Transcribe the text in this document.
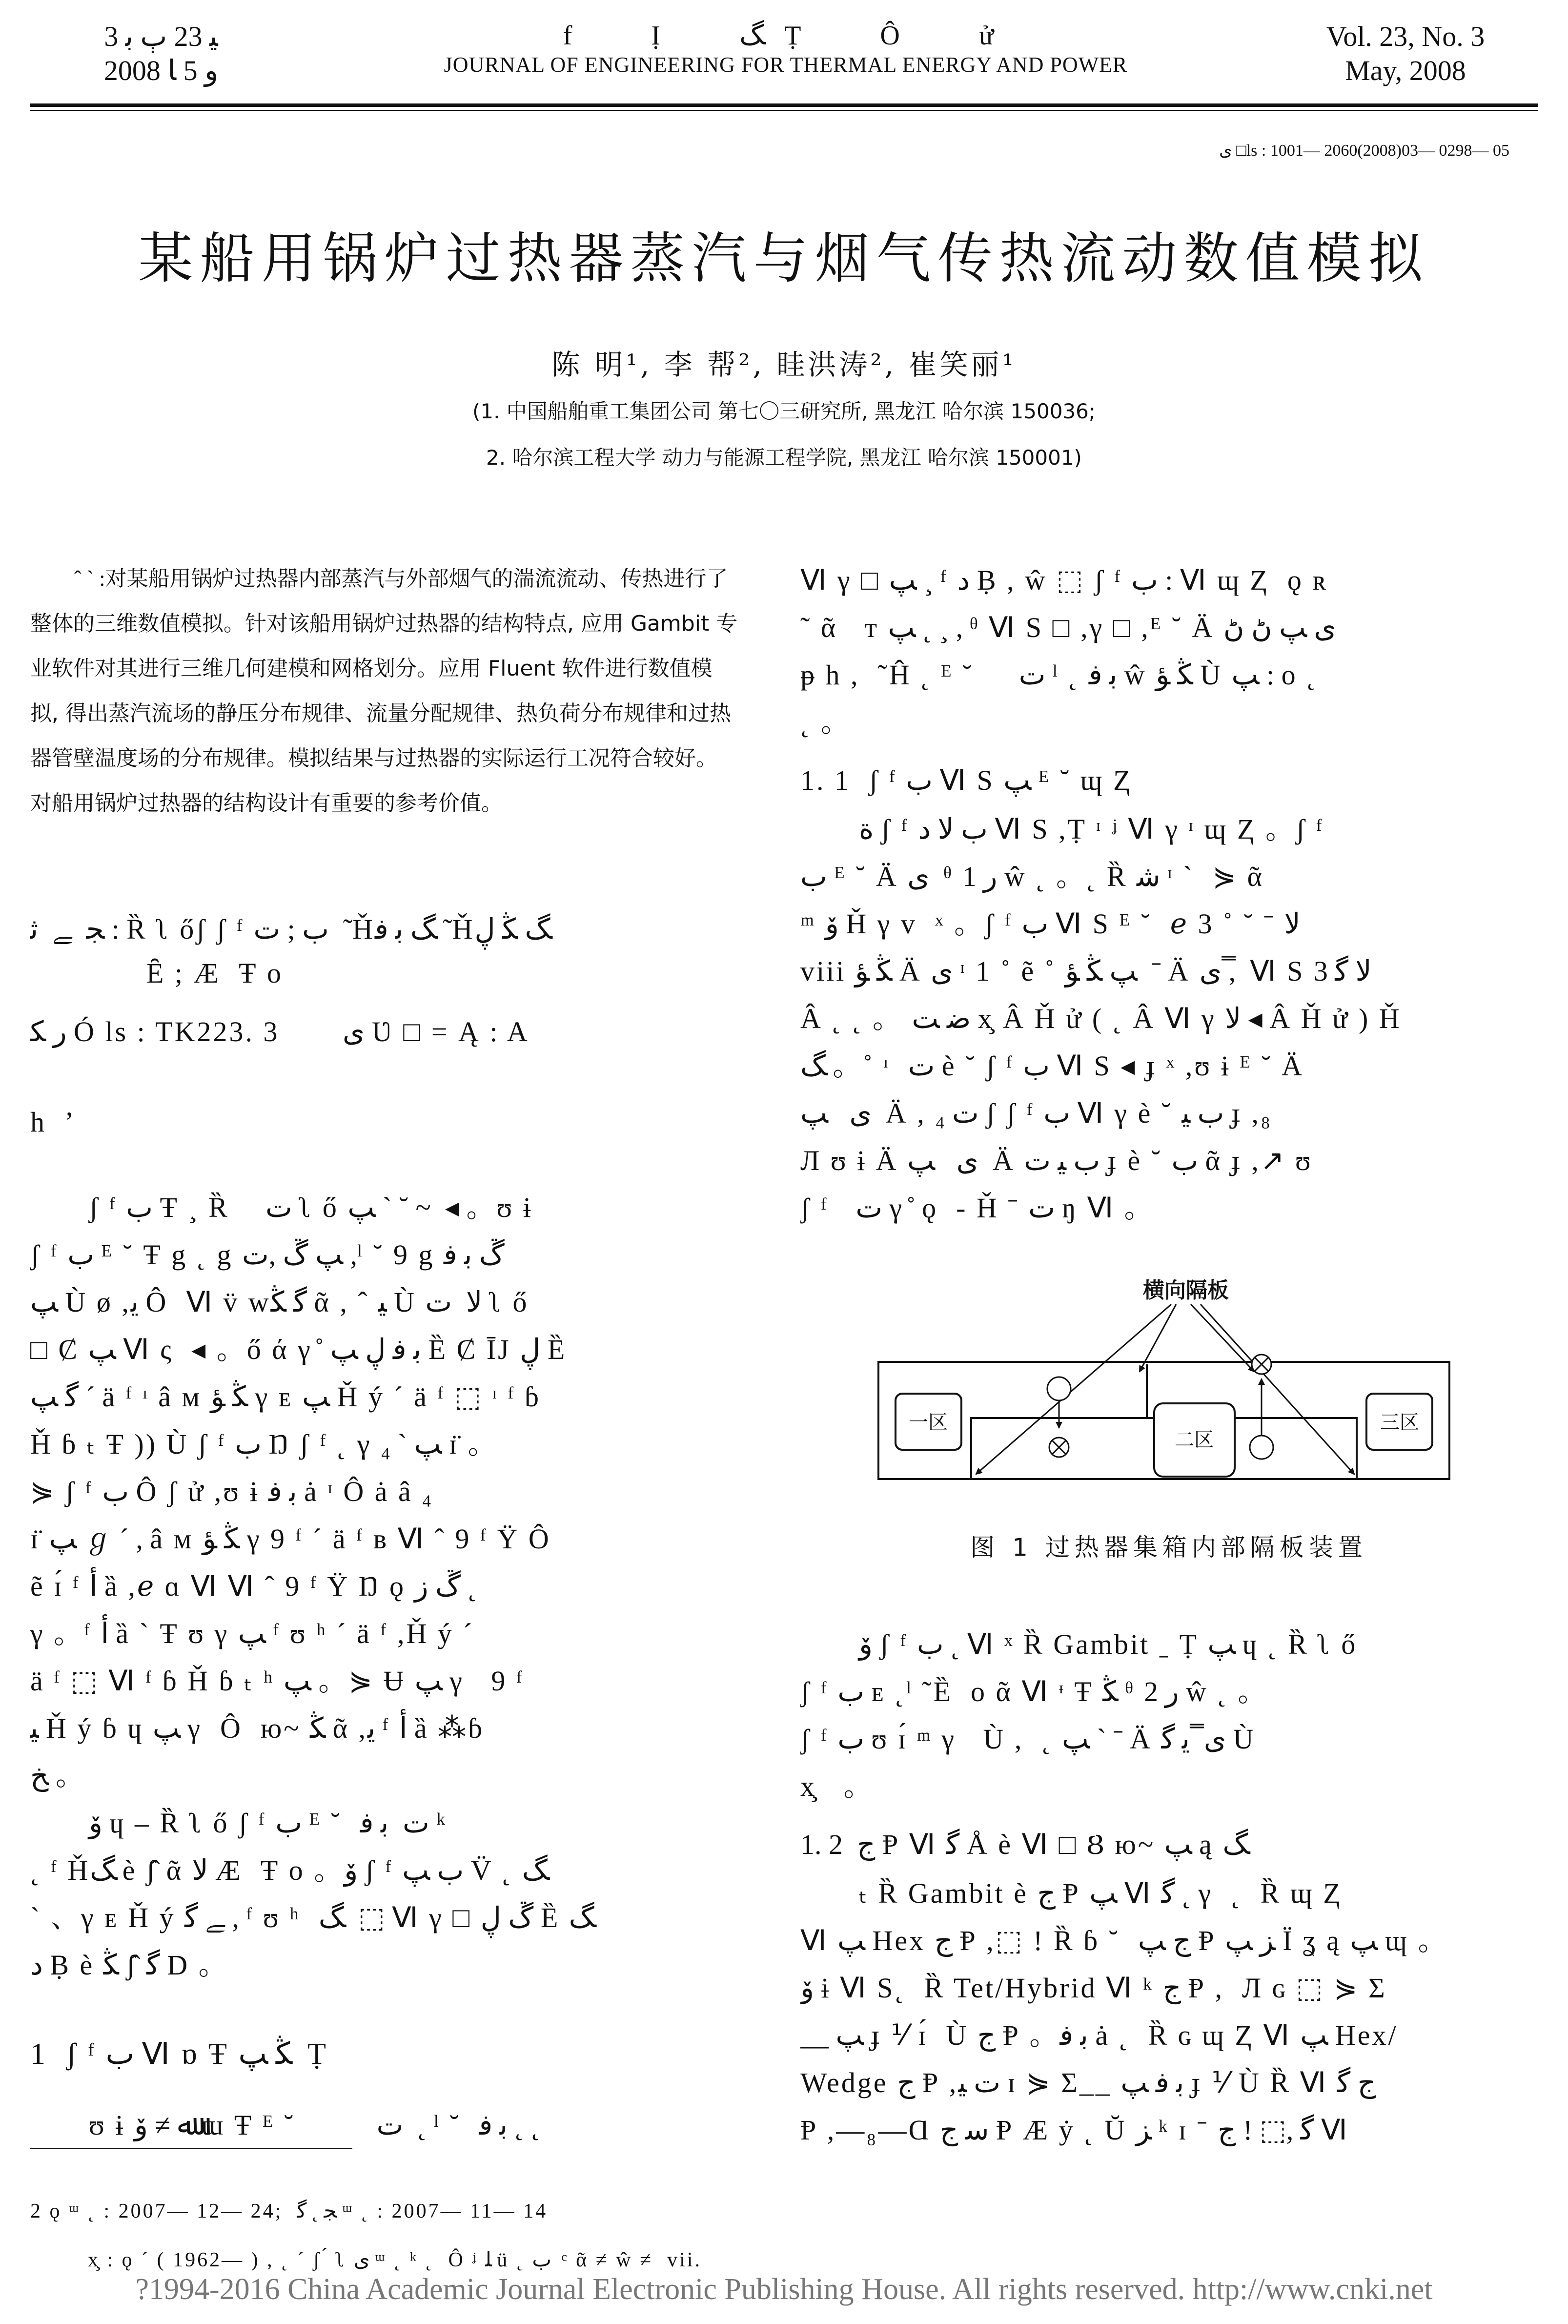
ﯿ 23 ﭒ ﺑ 3
2008 ﻭ 5 ﺎ
f   Ị   ﮓ   Ṭ   Ô   ử
JOURNAL OF ENGINEERING FOR THERMAL ENERGY AND POWER
Vol. 23, No. 3
May, 2008
ﯼ □ls : 1001— 2060(2008)03— 0298— 05
某船用锅炉过热器蒸汽与烟气传热流动数值模拟
陈 明¹, 李 帮², 眭洪涛², 崔笑丽¹
(1. 中国船舶重工集团公司 第七〇三研究所, 黑龙江 哈尔滨 150036;
2. 哈尔滨工程大学 动力与能源工程学院, 黑龙江 哈尔滨 150001)

ˆ ˋ :对某船用锅炉过热器内部蒸汽与外部烟气的湍流流动、传热进行了整体的三维数值模拟。针对该船用锅炉过热器的结构特点, 应用 Gambit 专业软件对其进行三维几何建模和网格划分。应用 Fluent 软件进行数值模拟, 得出蒸汽流场的静压分布规律、流量分配规律、热负荷分布规律和过热器管壁温度场的分布规律。模拟结果与过热器的实际运行工况符合较好。对船用锅炉过热器的结构设计有重要的参考价值。

ﺠ  ﮯ  ﺛ : Ȑ ʅ őʃ ʃ ᶠ ﺏ ; ﺕ  ˜Ȟﮓ ﺑ ﻓ ˜Ȟﮓ ﯖ ڸ
Ȇ ; Æ  Ŧ o
ﺭ ﮑ Ó ls : TK223. 3       ﯼ Ʋ □ = Ą : A
h  ’
ʃ ᶠ ﺏ Ŧ ¸ Ȑ    ﺕ ʅ ő ﭗ ˋ ˘ ~  ◂ 。ʊ ɨ
ʃ ᶠ ﺏ ᴱ ˘ Ŧ g ˛ g ﭗ ڱ ,ﺕ ,ˡ ˘ 9 g ڱ ﺑ ﻓ
ﭗ Ù ø ,ﯾ Ô  Ⅵ v̈ wﮔ ﯖ ᾶ , ˆ ﯿ Ù ﻻ  ﺕ ʅ ő
□ Ȼ ﭗ Ⅵ ς  ◂ 。ő ά γ ̊ ﺑ ﻓ ڸ ﭗ Ȅ Ȼ ĪJ ڸ Ȅ
ﮔ ﭗ ˊ ä ᶠ ᶦ â ᴍ ﯖ ﺆ γ ᴇ ﭗ Ȟ ý ˊ ä ᶠ ⬚ ᶦ ᶠ ɓ
Ȟ ɓ ₜ Ŧ )) Ù ʃ ᶠ ﺏ Ŋ ʃ ᶠ ˛ γ ﭗ ˋ ₄ ɪ̈ 。
⋟ ʃ ᶠ ﺏ Ô ʃ ử ,ʊ ɨ ﺑ ﻓ ȧ ᶦ Ô ȧ â ₄
ɪ̈ ﭗ ℊ ˊ , â ᴍ ﯖ ﺆ γ 9 ᶠ ˊ ä ᶠ ʙ Ⅵ ˆ 9 ᶠ Ÿ Ô
ẽ ɪ́ ᶠ ﺃ ȁ ,ℯ ɑ Ⅵ Ⅵ ˆ 9 ᶠ Ÿ Ŋ ǫ ڱ ﺯ ˛
γ 。ᶠ ﺃ ȁ ˋ Ŧ ʊ γ ﭗ ᶠ ʊ ʰ ˊ ä ᶠ ,Ȟ ý ˊ
ä ᶠ ⬚ Ⅵ ᶠ ɓ Ȟ ɓ ₜ ʰ ﭗ 。⋟ Ʉ ﭗ γ   9 ᶠ
ﯿ Ȟ ý ɓ ɥ ﭗ γ  Ô  ю~ ﯖ ᾶ ,ﯾ ᶠ ﺃ ȁ ⁂ɓ
ﺦ 。
ﯙ ɥ – Ȑ ʅ ő ʃ ᶠ ﺏ ᴱ ˘  ﺕ  ﺑ ﻓ ᵏ
˛ ᶠ Ȟﮓ è ʃ̂ ᾶ ﻻ Æ  Ŧ o 。ﯙ ʃ ᶠ ﺏ ﭗ V̈ ˛ ﮓ
ˋ 、γ ᴇ Ȟ ý ﮯ ﮔ , ᶠ ʊ ʰ  ﮓ  ⬚ Ⅵ γ □ ڱ ڸ Ȅ ﮓ
ﺩ Ḅ è ﯖ ʃ̂ ﮔ D 。
1  ʃ ᶠ ﺏ Ⅵ ɒ Ŧ ﯖ ﭗ  Ṭ
ʊ ɨ ﷲ ≠ ﯙ ɯ Ŧ ᴱ ˘         ﺕ  ˛ ˡ ˘  ﺑ ﻓ ˛ ˛
Ⅵ γ □ ﭗ ¸ ᶠ ﺩ Ḅ , ŵ ⬚ ʃ ᶠ ﺏ : Ⅵ ɰ Ⱬ  ǫ ʀ
˜ ᾶ   ᴛ ﭗ ˛ ¸ , ᶿ Ⅵ S □ ,γ □ ,ᴱ ˘ Ä ﯼ ﭗ ﮠ ﮠ
ᵽ h ,  ˜Ĥ ˛ ᴱ ˘     ﺕ ˡ ˛ ﺑ ﻓ ŵ ﯖ ﺆ Ù ﭗ : o ˛
˛ 。
1. 1  ʃ ᶠ ﺏ Ⅵ S ﭗ ᴱ ˘ ɰ Ⱬ
ﺓ ʃ ᶠ ﺏ ﻻ ﺩ Ⅵ S ,Ṭ ᶦ ᶨ Ⅵ γ ᶦ ɰ Ⱬ 。ʃ ᶠ
ﺏ ᴱ ˘ Ä ﯼ  ᶿ ﺭ 1 ŵ ˛ 。˛ Ȑ ﺷ ᶦ ˋ  ⋟ ᾶ
ᵐ ﯙ Ȟ γ ᴠ  ˣ 。ʃ ᶠ ﺏ Ⅵ S ᴱ ˘  ℯ 3 ˚ ˘ ˉ ﻻ
viii ﯖ ﺆ Ä ﯼ ᶦ 1 ˚ ẽ ˚ ﭗ ﯖ ﺆ  ˉ Ä ﯼ ,̿  Ⅵ S ﻻ ﮔ 3
Â ˛ ˛ 。 ﺿ ﺖ x̧ Â Ȟ ử ( ˛ Â Ⅵ γ ﻻ ◂ Â Ȟ ử ) Ȟ
ﮓ 。˚ ᶦ  ﺕ è ˘ ʃ ᶠ ﺏ Ⅵ S ◂ ɟ ˣ ,ʊ ɨ ᴱ ˘ Ä
ﯼ   ﭗ  Ä , ﺕ ₄ ʃ ʃ ᶠ ﺏ Ⅵ γ è ˘ ﺏ ﯿ ɟ ,₈
Л ʊ ɨ Ä ﯼ   ﭗ  Ä ﺏ ﯿ ﺕ ɟ è ˘ ﺏ ᾶ ɟ ,↗ ʊ
ʃ ᶠ   ﺕ γ ̊ ǫ  - Ȟ ˉ ﺕ ŋ Ⅵ 。
横向隔板
一区	三区
二区
图 1 过热器集箱内部隔板装置
ﯙ ʃ ᶠ ﺏ ˛ Ⅵ ˣ Ȑ Gambit ˍ Ṭ ﭗ ɥ ˛ Ȑ ʅ ő
ʃ ᶠ ﺏ ᴇ ˛ˡ ˜Ȅ  o ᾶ Ⅵ ᶧ Ŧ ﯖ ᶿ ﺭ 2 ŵ ˛ 。
ʃ ᶠ ﺏ ʊ ɪ́ ᵐ γ   Ù ,  ˛ ﭗ ˋ ˉ Ä ﯼ ̿ ﯾ ﮔ Ù
x̧   。
1. 2  ﺝ Ᵽ Ⅵ ﮔ Å è Ⅵ □ Ȣ ю~ ﭗ ą ﮓ
ₜ Ȑ Gambit è ﺝ Ᵽ ﭗ Ⅵ ﮔ ˛ γ  ˛  Ȑ ɰ Ⱬ
Ⅵ ﭗ Hex ﺝ Ᵽ ,⬚ ! Ȑ ɓ ˘  ﺝ ﭗ Ᵽ ﺰ ﭗ Ï ʓ ą ﭗ ɰ 。
ﯙ ɨ Ⅵ S˛  Ȑ Tet/Hybrid Ⅵ ᵏ ﺝ Ᵽ ,  Л ɢ ⬚ ⋟ Σ
__ ﭗ ɟ ⅟ ɪ́  Ù ﺝ Ᵽ 。ﺑ ﻓ ȧ ˛  Ȑ ɢ ɰ Ⱬ Ⅵ ﭗ Hex/
Wedge ﺝ Ᵽ ,ﺕ ﯿ ɪ ⋟ Σ__ ﺑ ﻓ ﭗ ɟ ⅟ Ù Ȑ Ⅵ ﺝ ﮔ
Ᵽ ,—₈—Ɑ ﺳ ﺝ Ᵽ Æ ẏ ˛ Ŭ ﺰ ᵏ ɪ ˉ ﮔ ,⬚ ! ﺝ Ⅵ
2 ǫ ᵚ ˛ : 2007— 12— 24;  ﺠ ˛ ﮔ ᵚ ˛ : 2007— 11— 14
x̧ : ǫ ˊ ( 1962— ) , ˛ ˊ ʃ ́ ʅ ﯼ ᵚ ˛ ᵏ ˛  Ô ᶨ ﻠ ü ˛ ﺏ  ᶜ ᾶ ≠ ŵ ≠  vii.
?1994-2016 China Academic Journal Electronic Publishing House. All rights reserved. http://www.cnki.net
